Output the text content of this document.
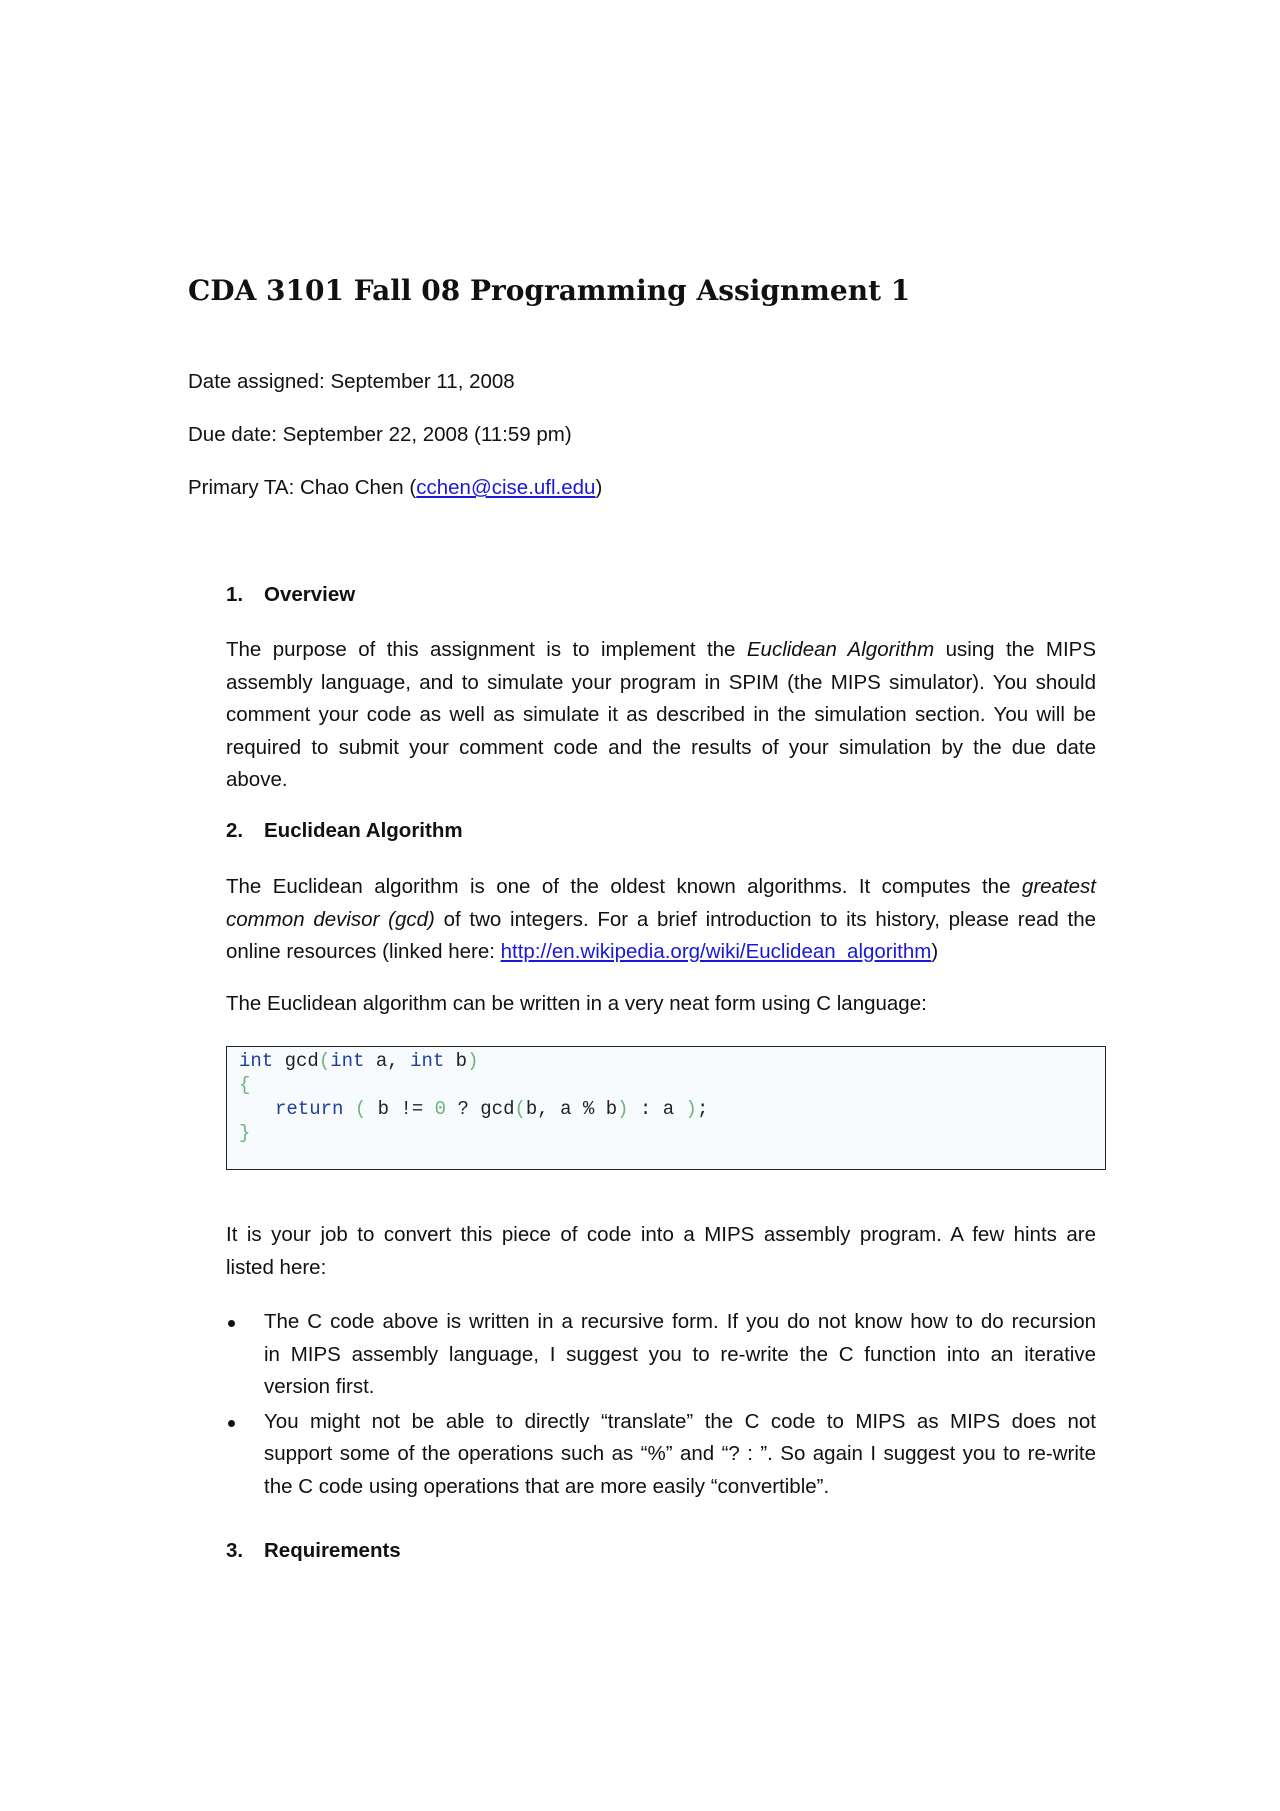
CDA 3101 Fall 08 Programming Assignment 1
Date assigned: September 11, 2008
Due date: September 22, 2008 (11:59 pm)
Primary TA: Chao Chen (cchen@cise.ufl.edu)
1. Overview
The purpose of this assignment is to implement the Euclidean Algorithm using the MIPS
assembly language, and to simulate your program in SPIM (the MIPS simulator). You should
comment your code as well as simulate it as described in the simulation section. You will be
required to submit your comment code and the results of your simulation by the due date
above.
2. Euclidean Algorithm
The Euclidean algorithm is one of the oldest known algorithms. It computes the greatest
common devisor (gcd) of two integers. For a brief introduction to its history, please read the
online resources (linked here: http://en.wikipedia.org/wiki/Euclidean_algorithm)
The Euclidean algorithm can be written in a very neat form using C language:
int gcd(int a, int b)
{
return ( b != 0 ? gcd(b, a % b) : a );
}
It is your job to convert this piece of code into a MIPS assembly program. A few hints are
listed here:
The C code above is written in a recursive form. If you do not know how to do recursion
in MIPS assembly language, I suggest you to re-write the C function into an iterative
version first.
You might not be able to directly “translate” the C code to MIPS as MIPS does not
support some of the operations such as “%” and “? : ”. So again I suggest you to re-write
the C code using operations that are more easily “convertible”.
3. Requirements
